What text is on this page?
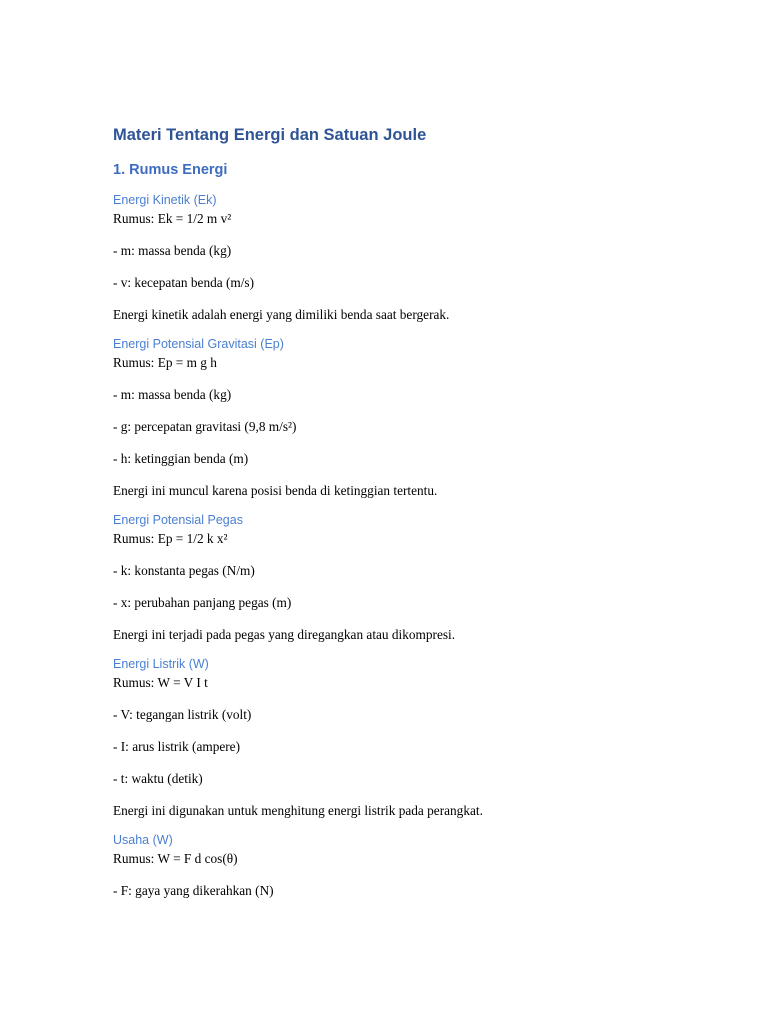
Materi Tentang Energi dan Satuan Joule
1. Rumus Energi

Energi Kinetik (Ek)

Rumus: Ek = 1/2 m v²

- m: massa benda (kg)

- v: kecepatan benda (m/s)

Energi kinetik adalah energi yang dimiliki benda saat bergerak.

Energi Potensial Gravitasi (Ep)

Rumus: Ep = m g h

- m: massa benda (kg)

- g: percepatan gravitasi (9,8 m/s²)

- h: ketinggian benda (m)

Energi ini muncul karena posisi benda di ketinggian tertentu.

Energi Potensial Pegas

Rumus: Ep = 1/2 k x²

- k: konstanta pegas (N/m)

- x: perubahan panjang pegas (m)

Energi ini terjadi pada pegas yang diregangkan atau dikompresi.

Energi Listrik (W)

Rumus: W = V I t

- V: tegangan listrik (volt)

- I: arus listrik (ampere)

- t: waktu (detik)

Energi ini digunakan untuk menghitung energi listrik pada perangkat.

Usaha (W)

Rumus: W = F d cos(θ)

- F: gaya yang dikerahkan (N)
